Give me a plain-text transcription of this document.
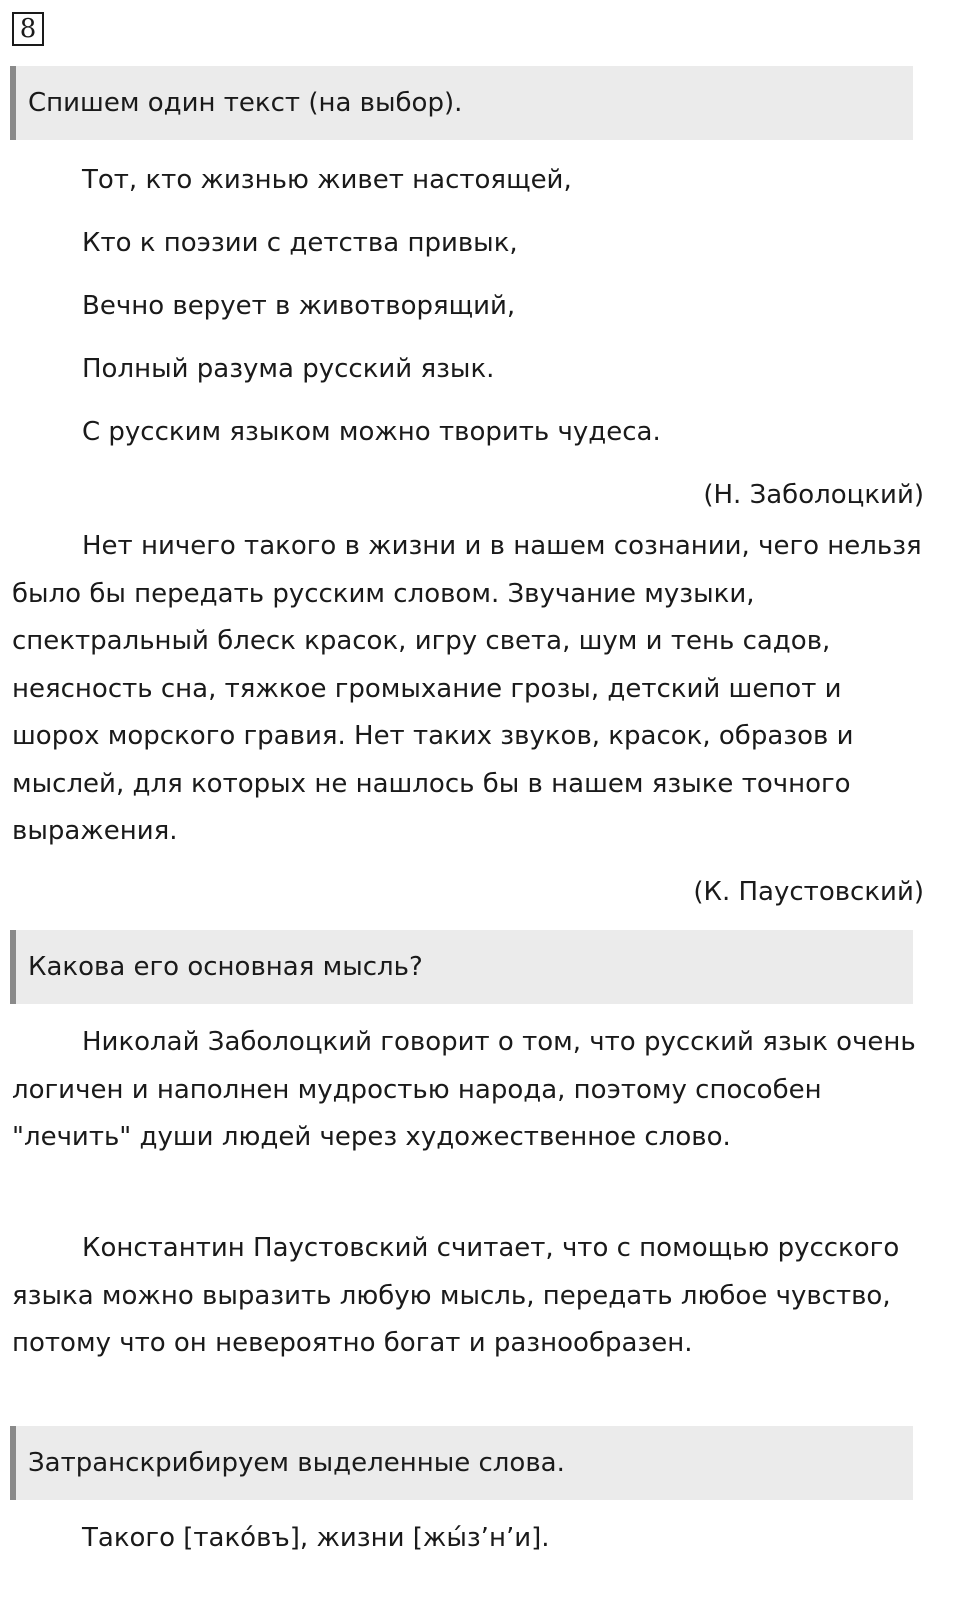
8
Спишем один текст (на выбор).
Тот, кто жизнью живет настоящей,
Кто к поэзии с детства привык,
Вечно верует в животворящий,
Полный разума русский язык.
С русским языком можно творить чудеса.
(Н. Заболоцкий)
Нет ничего такого в жизни и в нашем сознании, чего нельзя было бы передать русским словом. Звучание музыки, спектральный блеск красок, игру света, шум и тень садов, неясность сна, тяжкое громыхание грозы, детский шепот и шорох морского гравия. Нет таких звуков, красок, образов и мыслей, для которых не нашлось бы в нашем языке точного выражения.
(К. Паустовский)
Какова его основная мысль?
Николай Заболоцкий говорит о том, что русский язык очень логичен и наполнен мудростью народа, поэтому способен "лечить" души людей через художественное слово.
Константин Паустовский считает, что с помощью русского языка можно выразить любую мысль, передать любое чувство, потому что он невероятно богат и разнообразен.
Затранскрибируем выделенные слова.
Такого [тако́въ], жизни [жы́з’н’и].
